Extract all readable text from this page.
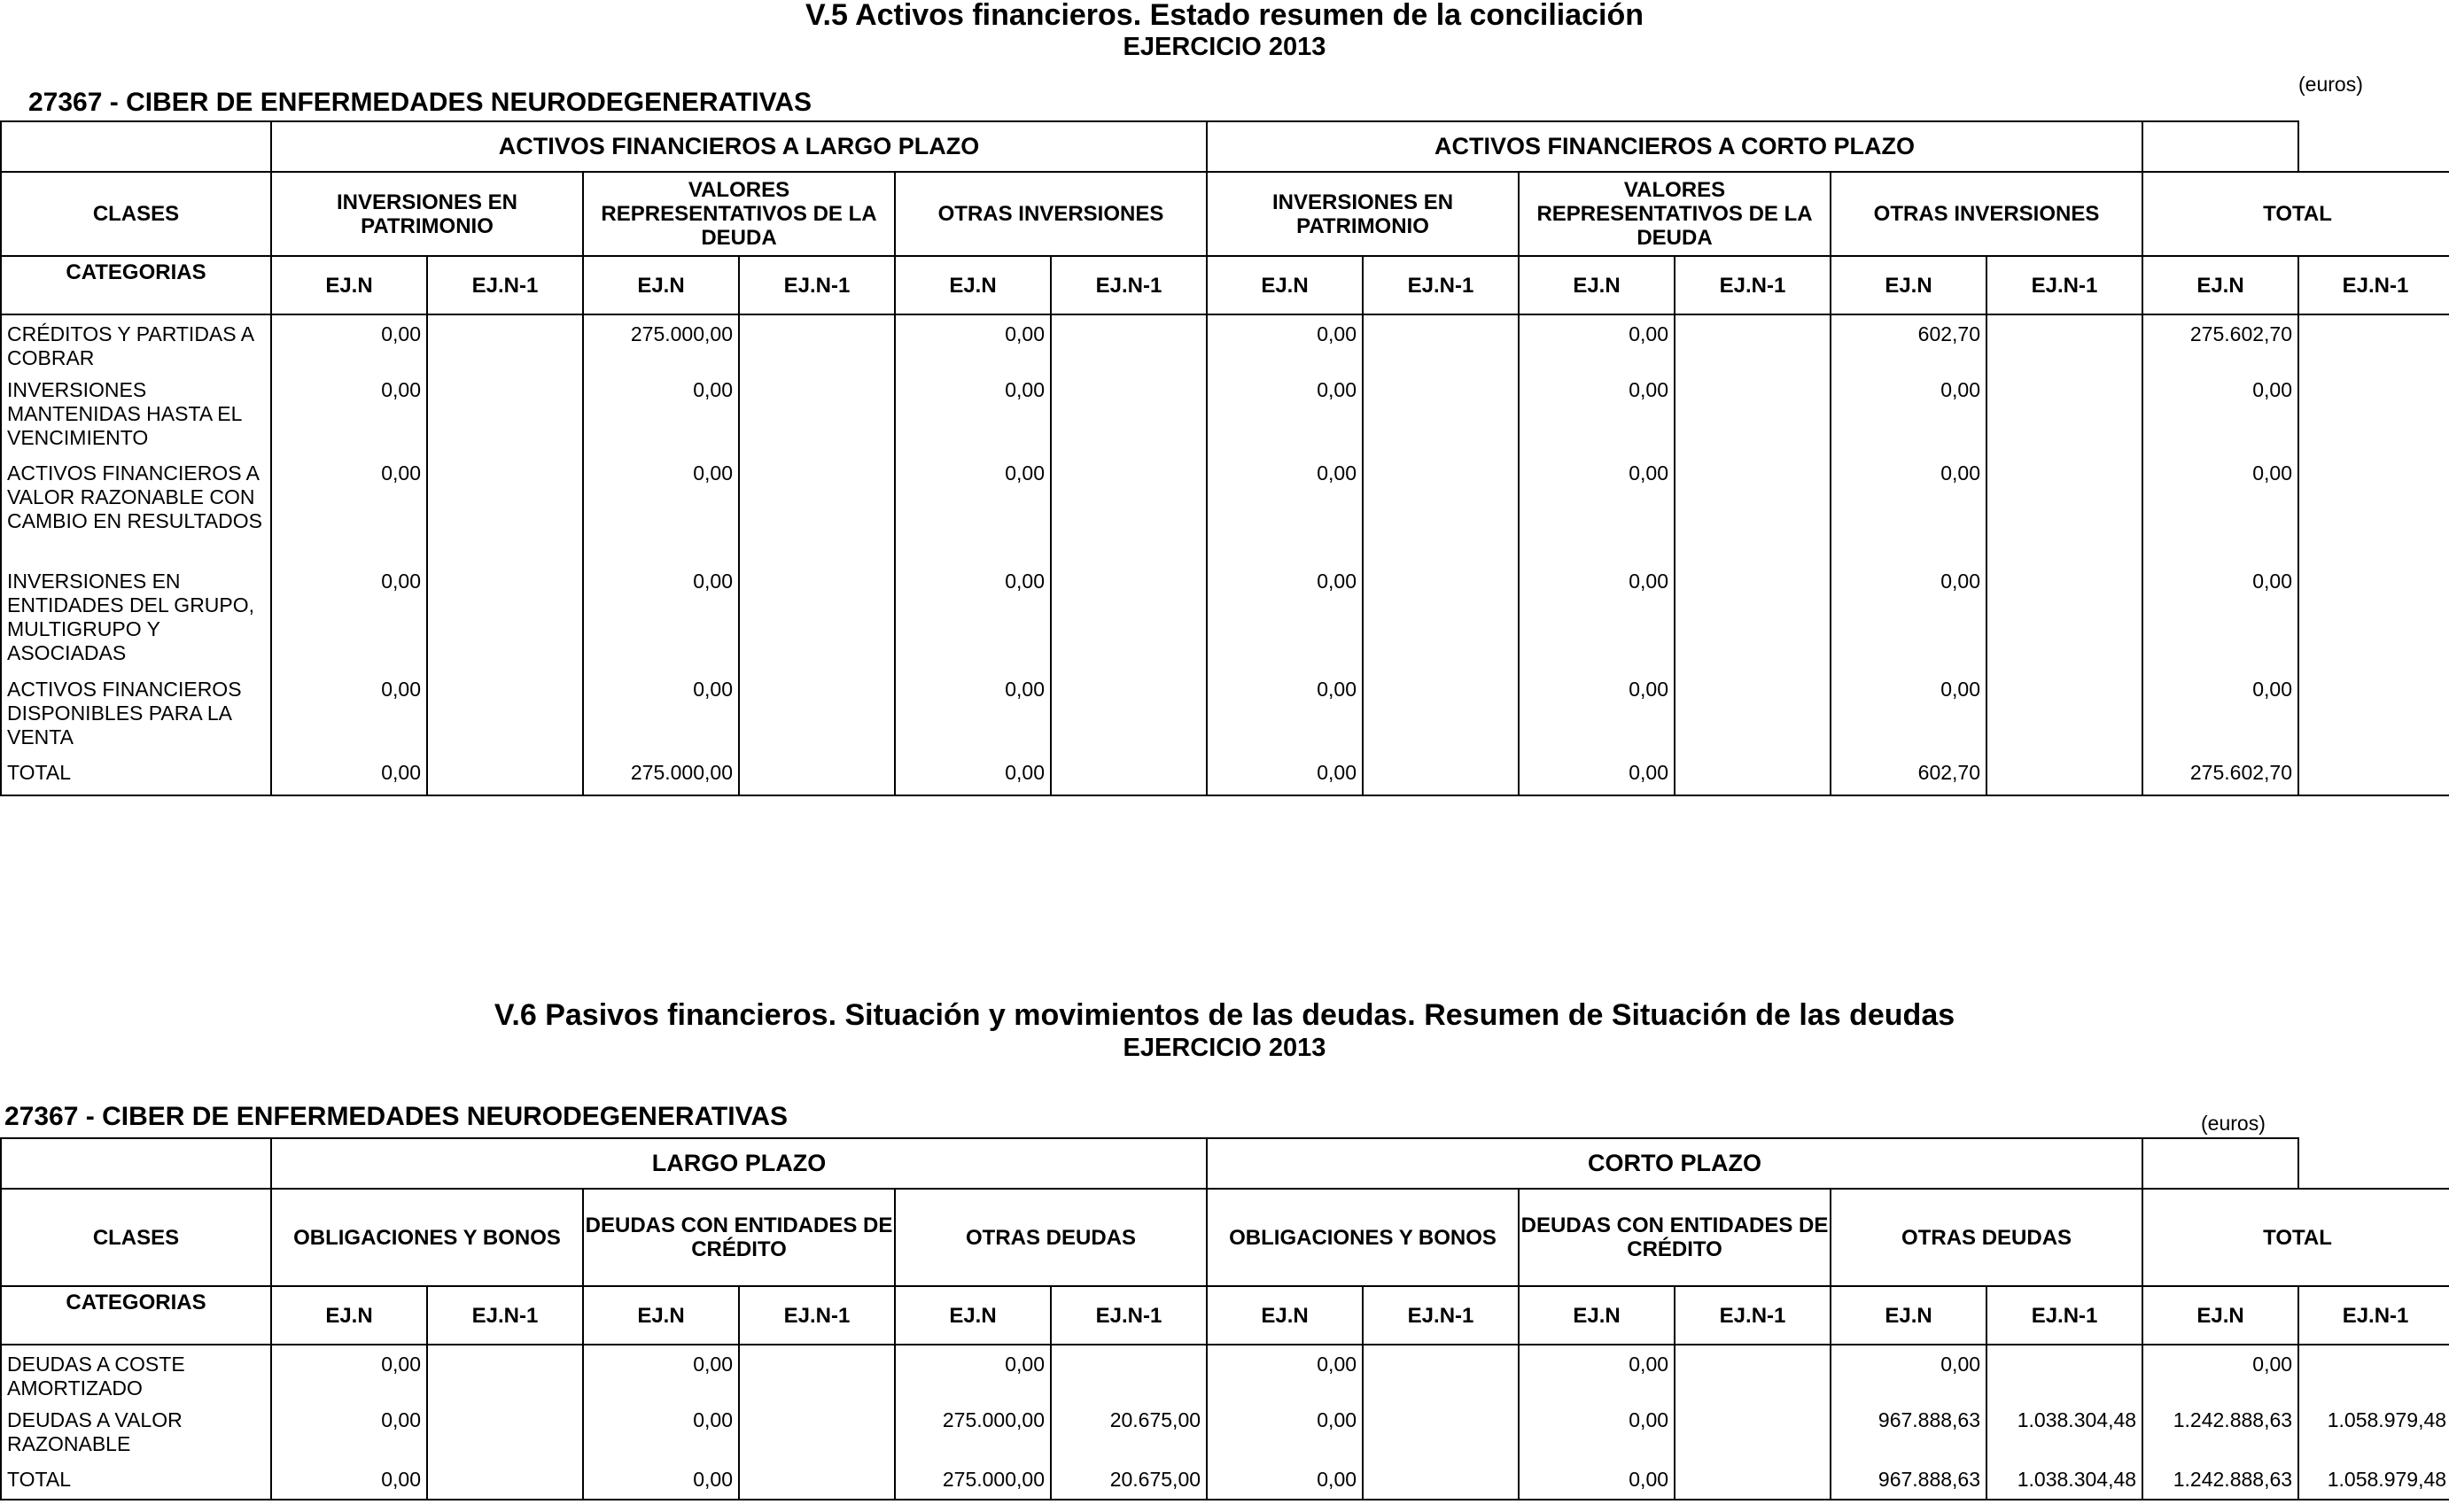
V.5 Activos financieros. Estado resumen de la conciliación
EJERCICIO 2013
27367 - CIBER DE ENFERMEDADES NEURODEGENERATIVAS
(euros)
	ACTIVOS FINANCIEROS A LARGO PLAZO						ACTIVOS FINANCIEROS A CORTO PLAZO							
CLASES	INVERSIONES EN PATRIMONIO		VALORES REPRESENTATIVOS DE LA DEUDA		OTRAS INVERSIONES		INVERSIONES EN PATRIMONIO		VALORES REPRESENTATIVOS DE LA DEUDA		OTRAS INVERSIONES		TOTAL	
CATEGORIAS	EJ.N	EJ.N-1	EJ.N	EJ.N-1	EJ.N	EJ.N-1	EJ.N	EJ.N-1	EJ.N	EJ.N-1	EJ.N	EJ.N-1	EJ.N	EJ.N-1
CRÉDITOS Y PARTIDAS A COBRAR	0,00		275.000,00		0,00		0,00		0,00		602,70		275.602,70	
INVERSIONES MANTENIDAS HASTA EL VENCIMIENTO	0,00		0,00		0,00		0,00		0,00		0,00		0,00	
ACTIVOS FINANCIEROS A VALOR RAZONABLE CON CAMBIO EN RESULTADOS	0,00		0,00		0,00		0,00		0,00		0,00		0,00	
INVERSIONES EN ENTIDADES DEL GRUPO, MULTIGRUPO Y ASOCIADAS	0,00		0,00		0,00		0,00		0,00		0,00		0,00	
ACTIVOS FINANCIEROS DISPONIBLES PARA LA VENTA	0,00		0,00		0,00		0,00		0,00		0,00		0,00	
TOTAL	0,00		275.000,00		0,00		0,00		0,00		602,70		275.602,70	
V.6 Pasivos financieros. Situación y movimientos de las deudas. Resumen de Situación de las deudas
EJERCICIO 2013
27367 - CIBER DE ENFERMEDADES NEURODEGENERATIVAS	(euros)
	LARGO PLAZO						CORTO PLAZO							
CLASES	OBLIGACIONES Y BONOS		DEUDAS CON ENTIDADES DE CRÉDITO		OTRAS DEUDAS		OBLIGACIONES Y BONOS		DEUDAS CON ENTIDADES DE CRÉDITO		OTRAS DEUDAS		TOTAL	
CATEGORIAS	EJ.N	EJ.N-1	EJ.N	EJ.N-1	EJ.N	EJ.N-1	EJ.N	EJ.N-1	EJ.N	EJ.N-1	EJ.N	EJ.N-1	EJ.N	EJ.N-1
DEUDAS A COSTE AMORTIZADO	0,00		0,00		0,00		0,00		0,00		0,00		0,00	
DEUDAS A VALOR RAZONABLE	0,00		0,00		275.000,00	20.675,00	0,00		0,00		967.888,63	1.038.304,48	1.242.888,63	1.058.979,48
TOTAL	0,00		0,00		275.000,00	20.675,00	0,00		0,00		967.888,63	1.038.304,48	1.242.888,63	1.058.979,48
